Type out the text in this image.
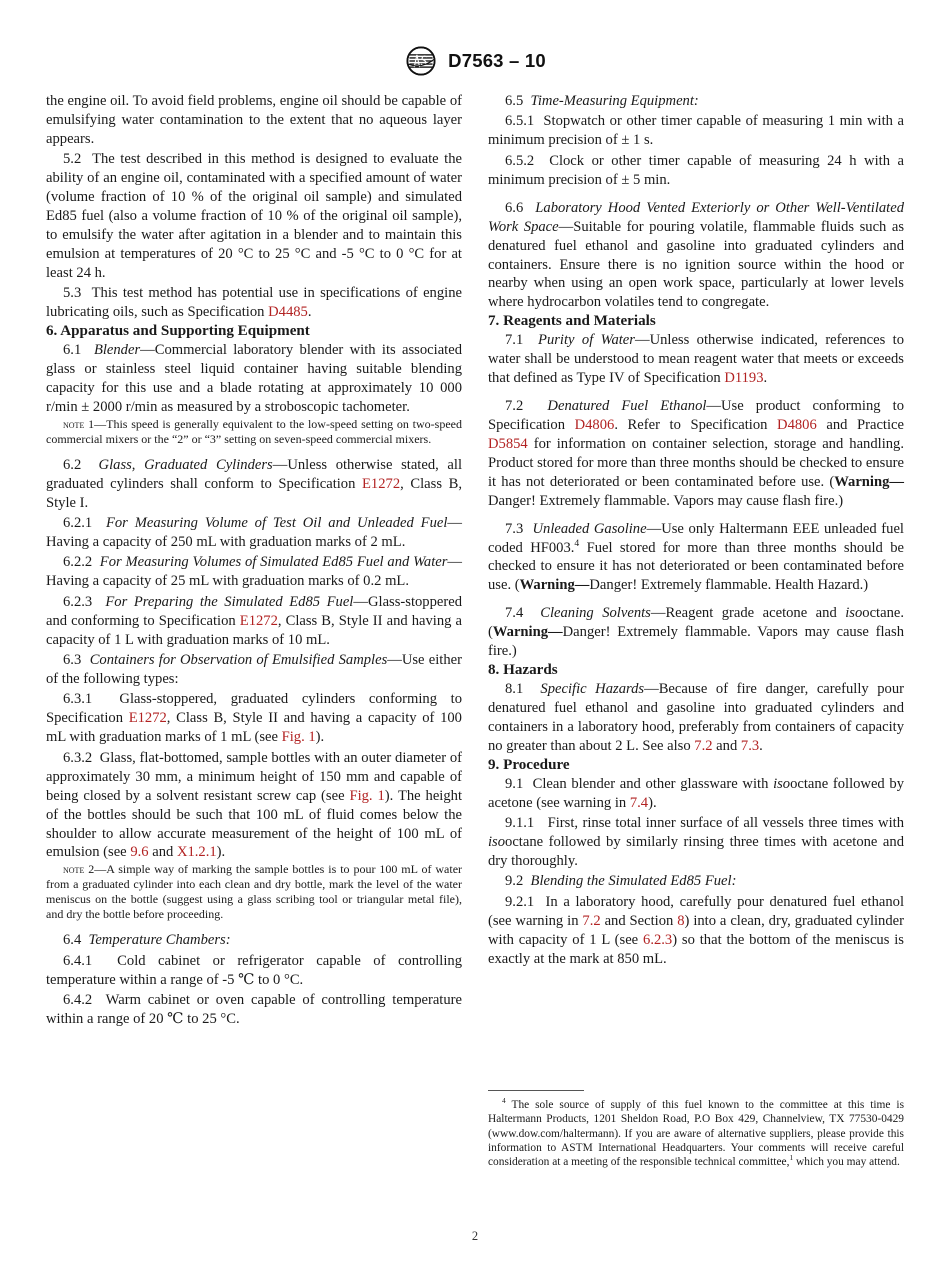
D7563 – 10

the engine oil. To avoid field problems, engine oil should be capable of emulsifying water contamination to the extent that no aqueous layer appears.

5.2 The test described in this method is designed to evaluate the ability of an engine oil, contaminated with a specified amount of water (volume fraction of 10 % of the original oil sample) and simulated Ed85 fuel (also a volume fraction of 10 % of the original oil sample), to emulsify the water after agitation in a blender and to maintain this emulsion at temperatures of 20 °C to 25 °C and -5 °C to 0 °C for at least 24 h.

5.3 This test method has potential use in specifications of engine lubricating oils, such as Specification D4485.

6. Apparatus and Supporting Equipment

6.1 Blender—Commercial laboratory blender with its associated glass or stainless steel liquid container having suitable blending capacity for this use and a blade rotating at approximately 10 000 r/min ± 2000 r/min as measured by a stroboscopic tachometer.

note 1—This speed is generally equivalent to the low-speed setting on two-speed commercial mixers or the “2” or “3” setting on seven-speed commercial mixers.

6.2 Glass, Graduated Cylinders—Unless otherwise stated, all graduated cylinders shall conform to Specification E1272, Class B, Style I.

6.2.1 For Measuring Volume of Test Oil and Unleaded Fuel—Having a capacity of 250 mL with graduation marks of 2 mL.

6.2.2 For Measuring Volumes of Simulated Ed85 Fuel and Water—Having a capacity of 25 mL with graduation marks of 0.2 mL.

6.2.3 For Preparing the Simulated Ed85 Fuel—Glass-stoppered and conforming to Specification E1272, Class B, Style II and having a capacity of 1 L with graduation marks of 10 mL.

6.3 Containers for Observation of Emulsified Samples—Use either of the following types:

6.3.1 Glass-stoppered, graduated cylinders conforming to Specification E1272, Class B, Style II and having a capacity of 100 mL with graduation marks of 1 mL (see Fig. 1).

6.3.2 Glass, flat-bottomed, sample bottles with an outer diameter of approximately 30 mm, a minimum height of 150 mm and capable of being closed by a solvent resistant screw cap (see Fig. 1). The height of the bottles should be such that 100 mL of fluid comes below the shoulder to allow accurate measurement of the height of 100 mL of emulsion (see 9.6 and X1.2.1).

note 2—A simple way of marking the sample bottles is to pour 100 mL of water from a graduated cylinder into each clean and dry bottle, mark the level of the water meniscus on the bottle (suggest using a glass scribing tool or triangular metal file), and dry the bottle before proceeding.

6.4 Temperature Chambers:

6.4.1 Cold cabinet or refrigerator capable of controlling temperature within a range of -5 ℃ to 0 °C.

6.4.2 Warm cabinet or oven capable of controlling temperature within a range of 20 ℃ to 25 °C.

6.5 Time-Measuring Equipment:

6.5.1 Stopwatch or other timer capable of measuring 1 min with a minimum precision of ± 1 s.

6.5.2 Clock or other timer capable of measuring 24 h with a minimum precision of ± 5 min.

6.6 Laboratory Hood Vented Exteriorly or Other Well-Ventilated Work Space—Suitable for pouring volatile, flammable fluids such as denatured fuel ethanol and gasoline into graduated cylinders and containers. Ensure there is no ignition source within the hood or nearby when using an open work space, particularly at lower levels where hydrocarbon volatiles tend to congregate.

7. Reagents and Materials

7.1 Purity of Water—Unless otherwise indicated, references to water shall be understood to mean reagent water that meets or exceeds that defined as Type IV of Specification D1193.

7.2 Denatured Fuel Ethanol—Use product conforming to Specification D4806. Refer to Specification D4806 and Practice D5854 for information on container selection, storage and handling. Product stored for more than three months should be checked to ensure it has not deteriorated or been contaminated before use. (Warning—Danger! Extremely flammable. Vapors may cause flash fire.)

7.3 Unleaded Gasoline—Use only Haltermann EEE unleaded fuel coded HF003.$^4$ Fuel stored for more than three months should be checked to ensure it has not deteriorated or been contaminated before use. (Warning—Danger! Extremely flammable. Health Hazard.)

7.4 Cleaning Solvents—Reagent grade acetone and isooctane. (Warning—Danger! Extremely flammable. Vapors may cause flash fire.)

8. Hazards

8.1 Specific Hazards—Because of fire danger, carefully pour denatured fuel ethanol and gasoline into graduated cylinders and containers in a laboratory hood, preferably from containers of capacity no greater than about 2 L. See also 7.2 and 7.3.

9. Procedure

9.1 Clean blender and other glassware with isooctane followed by acetone (see warning in 7.4).

9.1.1 First, rinse total inner surface of all vessels three times with isooctane followed by similarly rinsing three times with acetone and dry thoroughly.

9.2 Blending the Simulated Ed85 Fuel:

9.2.1 In a laboratory hood, carefully pour denatured fuel ethanol (see warning in 7.2 and Section 8) into a clean, dry, graduated cylinder with capacity of 1 L (see 6.2.3) so that the bottom of the meniscus is exactly at the mark at 850 mL.

$^4$ The sole source of supply of this fuel known to the committee at this time is Haltermann Products, 1201 Sheldon Road, P.O Box 429, Channelview, TX 77530-0429 (www.dow.com/haltermann). If you are aware of alternative suppliers, please provide this information to ASTM International Headquarters. Your comments will receive careful consideration at a meeting of the responsible technical committee,$^1$ which you may attend.

2
